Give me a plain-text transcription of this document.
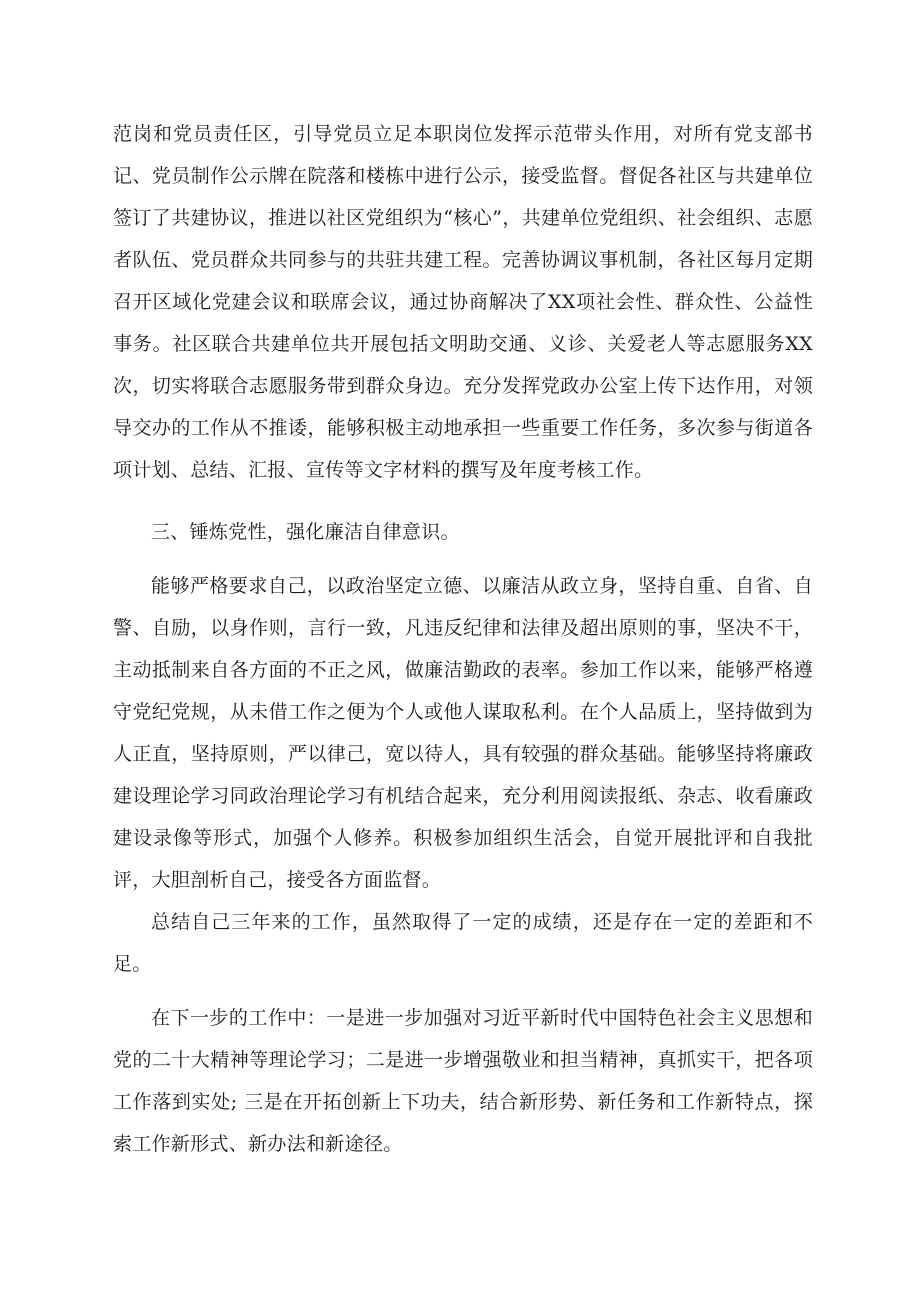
范岗和党员责任区，引导党员立足本职岗位发挥示范带头作用，对所有党支部书记、党员制作公示牌在院落和楼栋中进行公示，接受监督。督促各社区与共建单位签订了共建协议，推进以社区党组织为“核心”，共建单位党组织、社会组织、志愿者队伍、党员群众共同参与的共驻共建工程。完善协调议事机制，各社区每月定期召开区域化党建会议和联席会议，通过协商解决了XX项社会性、群众性、公益性事务。社区联合共建单位共开展包括文明助交通、义诊、关爱老人等志愿服务XX次，切实将联合志愿服务带到群众身边。充分发挥党政办公室上传下达作用，对领导交办的工作从不推诿，能够积极主动地承担一些重要工作任务，多次参与街道各项计划、总结、汇报、宣传等文字材料的撰写及年度考核工作。

三、锤炼党性，强化廉洁自律意识。

能够严格要求自己，以政治坚定立德、以廉洁从政立身，坚持自重、自省、自警、自励，以身作则，言行一致，凡违反纪律和法律及超出原则的事，坚决不干，主动抵制来自各方面的不正之风，做廉洁勤政的表率。参加工作以来，能够严格遵守党纪党规，从未借工作之便为个人或他人谋取私利。在个人品质上，坚持做到为人正直，坚持原则，严以律己，宽以待人，具有较强的群众基础。能够坚持将廉政建设理论学习同政治理论学习有机结合起来，充分利用阅读报纸、杂志、收看廉政建设录像等形式，加强个人修养。积极参加组织生活会，自觉开展批评和自我批评，大胆剖析自己，接受各方面监督。

总结自己三年来的工作，虽然取得了一定的成绩，还是存在一定的差距和不足。

在下一步的工作中：一是进一步加强对习近平新时代中国特色社会主义思想和党的二十大精神等理论学习；二是进一步增强敬业和担当精神，真抓实干，把各项工作落到实处; 三是在开拓创新上下功夫，结合新形势、新任务和工作新特点，探索工作新形式、新办法和新途径。
